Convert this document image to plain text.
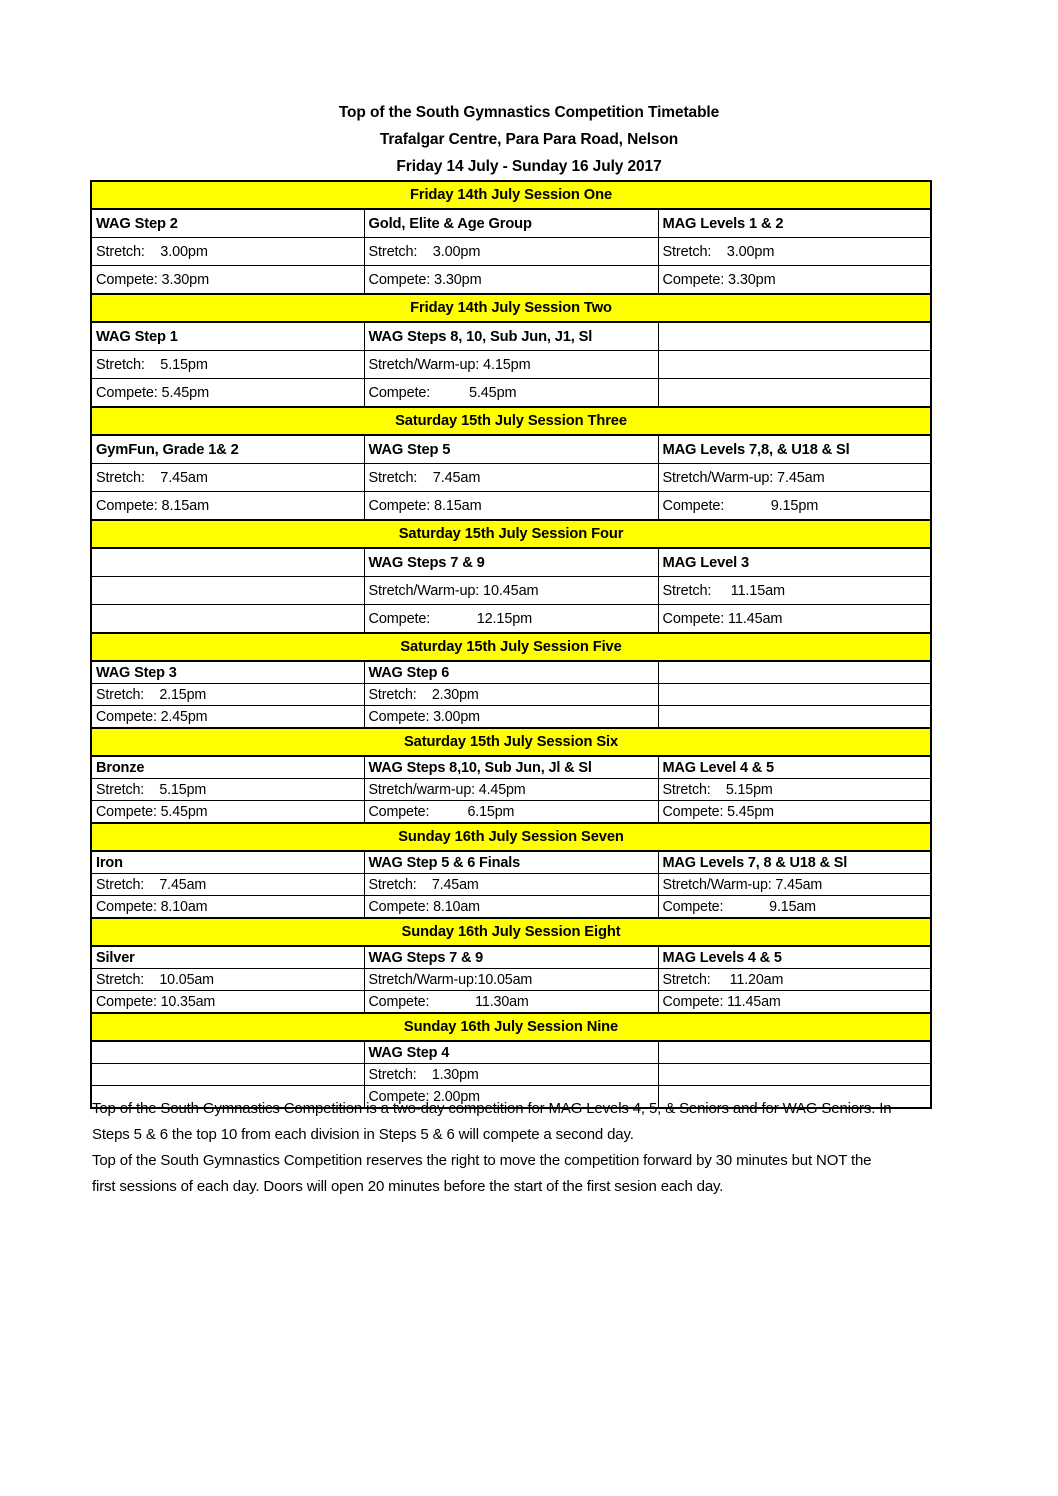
Top of the South Gymnastics Competition Timetable
Trafalgar Centre, Para Para Road, Nelson
Friday 14 July - Sunday 16 July 2017
Friday 14th July Session One		
WAG Step 2	Gold, Elite & Age Group	MAG Levels 1 & 2
Stretch:    3.00pm	Stretch:    3.00pm	Stretch:    3.00pm
Compete: 3.30pm	Compete: 3.30pm	Compete: 3.30pm
Friday 14th July Session Two		
WAG Step 1	WAG Steps 8, 10, Sub Jun, J1, Sl	
Stretch:    5.15pm	Stretch/Warm-up: 4.15pm	
Compete: 5.45pm	Compete:          5.45pm	
Saturday 15th July Session Three		
GymFun, Grade 1& 2	WAG Step 5	MAG Levels 7,8, & U18 & Sl
Stretch:    7.45am	Stretch:    7.45am	Stretch/Warm-up: 7.45am
Compete: 8.15am	Compete: 8.15am	Compete:            9.15pm
Saturday 15th July Session Four		
	WAG Steps 7 & 9	MAG Level 3
	Stretch/Warm-up: 10.45am	Stretch:     11.15am
	Compete:            12.15pm	Compete: 11.45am
Saturday 15th July Session Five		
WAG Step 3	WAG Step 6	
Stretch:    2.15pm	Stretch:    2.30pm	
Compete: 2.45pm	Compete: 3.00pm	
Saturday 15th July Session Six		
Bronze	WAG Steps 8,10, Sub Jun, Jl & Sl	MAG Level 4 & 5
Stretch:    5.15pm	Stretch/warm-up: 4.45pm	Stretch:    5.15pm
Compete: 5.45pm	Compete:          6.15pm	Compete: 5.45pm
Sunday 16th July Session Seven		
Iron	WAG Step 5 & 6 Finals	MAG Levels 7, 8 & U18 & Sl
Stretch:    7.45am	Stretch:    7.45am	Stretch/Warm-up: 7.45am
Compete: 8.10am	Compete: 8.10am	Compete:            9.15am
Sunday 16th July Session Eight		
Silver	WAG Steps 7 & 9	MAG Levels 4 & 5
Stretch:    10.05am	Stretch/Warm-up:10.05am	Stretch:     11.20am
Compete: 10.35am	Compete:            11.30am	Compete: 11.45am
Sunday 16th July Session Nine		
	WAG Step 4	
	Stretch:    1.30pm	
	Compete: 2.00pm	

Top of the South Gymnastics Competition is a two-day competition for MAG Levels 4, 5, & Seniors and for WAG Seniors. In Steps 5 & 6 the top 10 from each division in Steps 5 & 6 will compete a second day.

Top of the South Gymnastics Competition reserves the right to move the competition forward by 30 minutes but NOT the first sessions of each day. Doors will open 20 minutes before the start of the first sesion each day.
